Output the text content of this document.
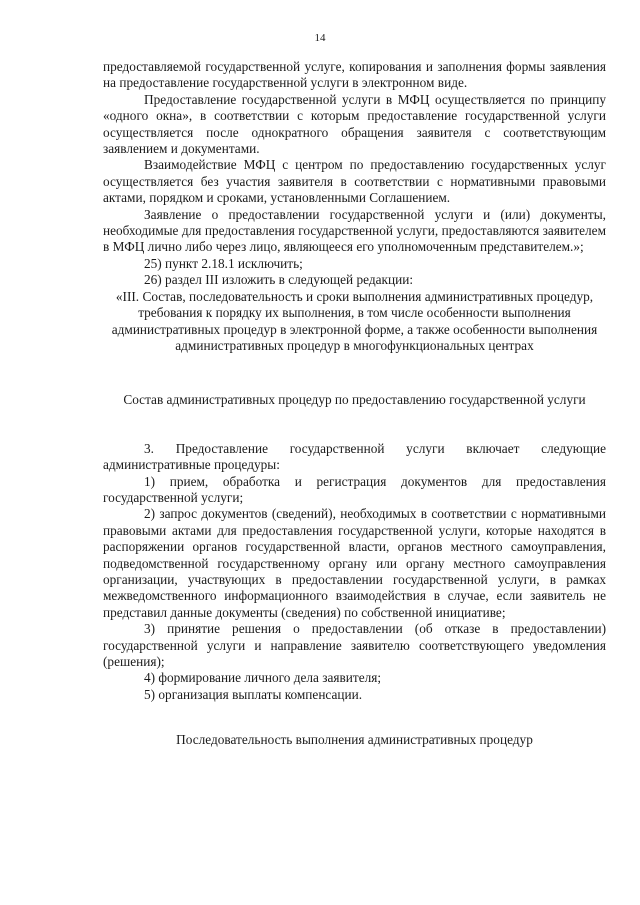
14

предоставляемой государственной услуге, копирования и заполнения формы заявления на предоставление государственной услуги в электронном виде.

Предоставление государственной услуги в МФЦ осуществляется по принципу «одного окна», в соответствии с которым предоставление государственной услуги осуществляется после однократного обращения заявителя с соответствующим заявлением и документами.

Взаимодействие МФЦ с центром по предоставлению государственных услуг осуществляется без участия заявителя в соответствии с нормативными правовыми актами, порядком и сроками, установленными Соглашением.

Заявление о предоставлении государственной услуги и (или) документы, необходимые для предоставления государственной услуги, предоставляются заявителем в МФЦ лично либо через лицо, являющееся его уполномоченным представителем.»;

25) пункт 2.18.1 исключить;

26) раздел III изложить в следующей редакции:

«III. Состав, последовательность и сроки выполнения административных процедур, требования к порядку их выполнения, в том числе особенности выполнения административных процедур в электронной форме, а также особенности выполнения административных процедур в многофункциональных центрах

Состав административных процедур по предоставлению государственной услуги

3. Предоставление государственной услуги включает следующие административные процедуры:

1) прием, обработка и регистрация документов для предоставления государственной услуги;

2) запрос документов (сведений), необходимых в соответствии с нормативными правовыми актами для предоставления государственной услуги, которые находятся в распоряжении органов государственной власти, органов местного самоуправления, подведомственной государственному органу или органу местного самоуправления организации, участвующих в предоставлении государственной услуги, в рамках межведомственного информационного взаимодействия в случае, если заявитель не представил данные документы (сведения) по собственной инициативе;

3) принятие решения о предоставлении (об отказе в предоставлении) государственной услуги и направление заявителю соответствующего уведомления (решения);

4) формирование личного дела заявителя;

5) организация выплаты компенсации.

Последовательность выполнения административных процедур
